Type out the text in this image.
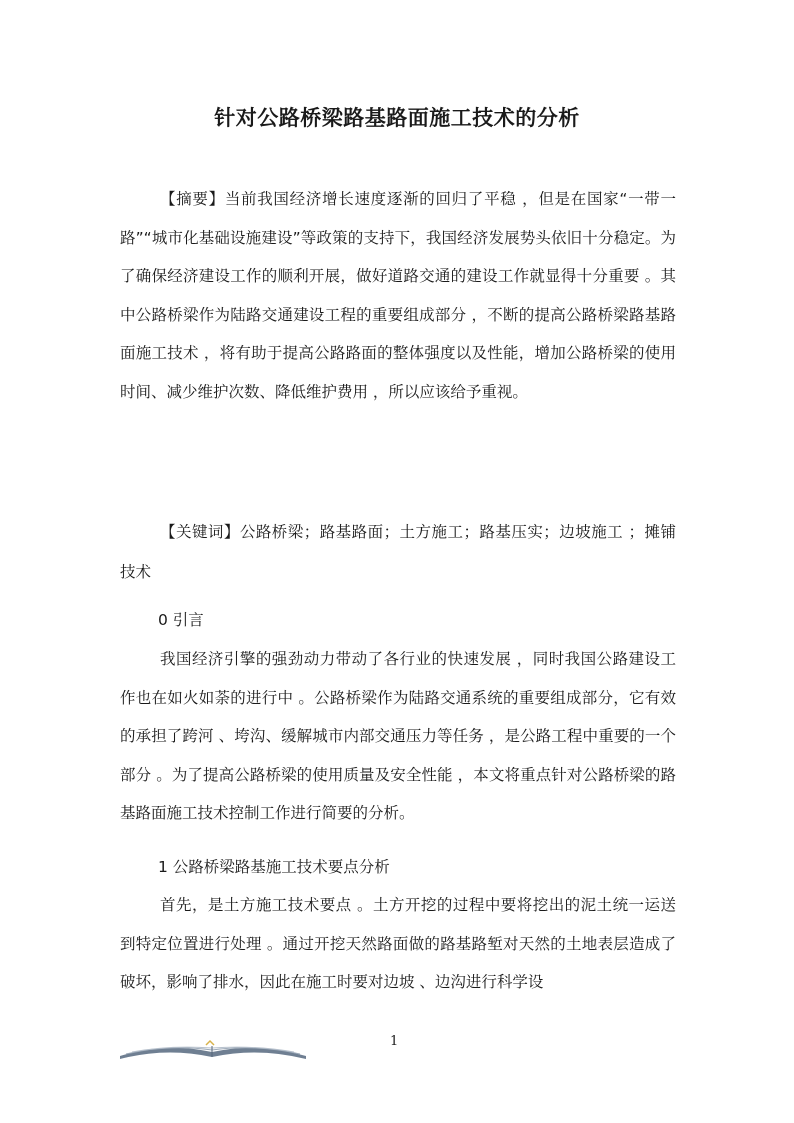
针对公路桥梁路基路面施工技术的分析
【摘要】当前我国经济增长速度逐渐的回归了平稳 ，但是在国家“一带一路”“城市化基础设施建设”等政策的支持下，我国经济发展势头依旧十分稳定。为了确保经济建设工作的顺利开展，做好道路交通的建设工作就显得十分重要 。其中公路桥梁作为陆路交通建设工程的重要组成部分 ，不断的提高公路桥梁路基路面施工技术 ，将有助于提高公路路面的整体强度以及性能，增加公路桥梁的使用时间、减少维护次数、降低维护费用 ，所以应该给予重视。
【关键词】公路桥梁；路基路面；土方施工；路基压实；边坡施工 ；摊铺技术
0 引言
我国经济引擎的强劲动力带动了各行业的快速发展 ，同时我国公路建设工作也在如火如荼的进行中 。公路桥梁作为陆路交通系统的重要组成部分，它有效的承担了跨河 、垮沟、缓解城市内部交通压力等任务 ，是公路工程中重要的一个部分 。为了提高公路桥梁的使用质量及安全性能 ，本文将重点针对公路桥梁的路基路面施工技术控制工作进行简要的分析。
1 公路桥梁路基施工技术要点分析
首先，是土方施工技术要点 。土方开挖的过程中要将挖出的泥土统一运送到特定位置进行处理 。通过开挖天然路面做的路基路堑对天然的土地表层造成了破坏，影响了排水，因此在施工时要对边坡 、边沟进行科学设
1
